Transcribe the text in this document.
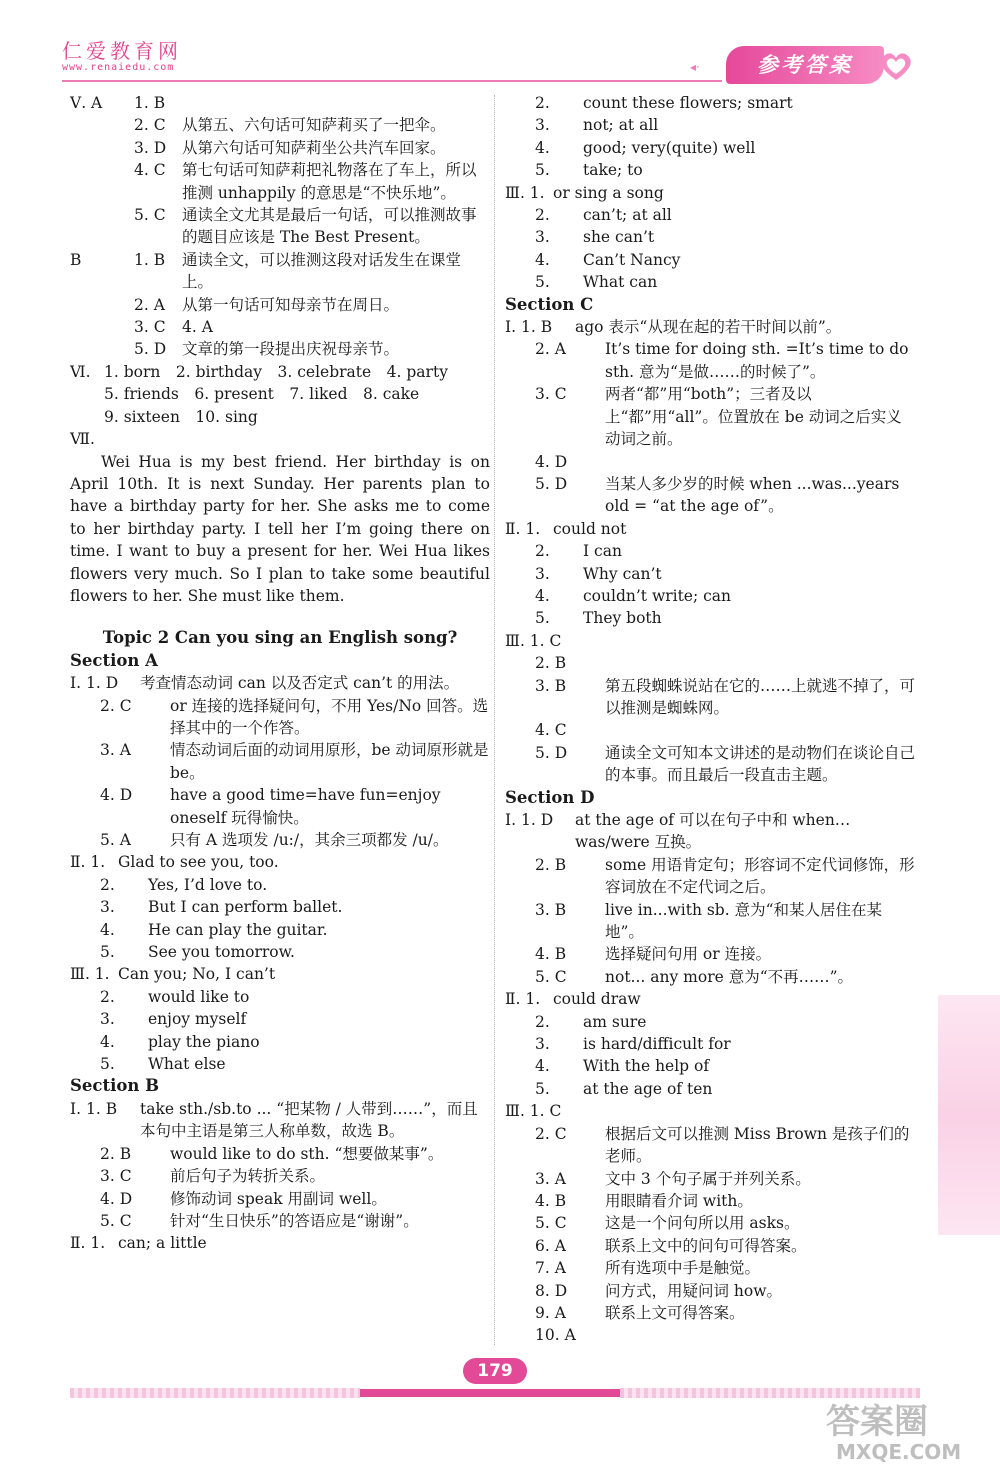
仁爱教育网
www.renaiedu.com	◂·	参考答案
Ⅴ. A	1. B
2. C	从第五、六句话可知萨莉买了一把伞。
3. D	从第六句话可知萨莉坐公共汽车回家。
4. C	第七句话可知萨莉把礼物落在了车上，所以推测 unhappily 的意思是“不快乐地”。
5. C	通读全文尤其是最后一句话，可以推测故事的题目应该是 The Best Present。
B	1. B	通读全文，可以推测这段对话发生在课堂上。
2. A	从第一句话可知母亲节在周日。
3. C	4. A
5. D	文章的第一段提出庆祝母亲节。
Ⅵ. 1. born　2. birthday　3. celebrate　4. party
5. friends　6. present　7. liked　8. cake
9. sixteen　10. sing
Ⅶ.
Wei Hua is my best friend. Her birthday is on April 10th. It is next Sunday. Her parents plan to have a birthday party for her. She asks me to come to her birthday party. I tell her I’m going there on time. I want to buy a present for her. Wei Hua likes flowers very much. So I plan to take some beautiful flowers to her. She must like them.
Topic 2 Can you sing an English song?
Section A
Ⅰ. 1. D	考查情态动词 can 以及否定式 can’t 的用法。
2. C	or 连接的选择疑问句，不用 Yes/No 回答。选择其中的一个作答。
3. A	情态动词后面的动词用原形，be 动词原形就是 be。
4. D	have a good time=have fun=enjoy oneself 玩得愉快。
5. A	只有 A 选项发 /u:/，其余三项都发 /u/。
Ⅱ. 1. Glad to see you, too.
2.	Yes, I’d love to.
3.	But I can perform ballet.
4.	He can play the guitar.
5.	See you tomorrow.
Ⅲ. 1. Can you; No, I can’t
2.	would like to
3.	enjoy myself
4.	play the piano
5.	What else
Section B
Ⅰ. 1. B	take sth./sb.to ... “把某物 / 人带到……”，而且本句中主语是第三人称单数，故选 B。
2. B	would like to do sth. “想要做某事”。
3. C	前后句子为转折关系。
4. D	修饰动词 speak 用副词 well。
5. C	针对“生日快乐”的答语应是“谢谢”。
Ⅱ. 1. can; a little
2.	count these flowers; smart
3.	not; at all
4.	good; very(quite) well
5.	take; to
Ⅲ. 1. or sing a song
2.	can’t; at all
3.	she can’t
4.	Can’t Nancy
5.	What can
Section C
Ⅰ. 1. B	ago 表示“从现在起的若干时间以前”。
2. A	It’s time for doing sth. =It’s time to do sth. 意为“是做……的时候了”。
3. C	两者“都”用“both”；三者及以上“都”用“all”。位置放在 be 动词之后实义动词之前。
4. D
5. D	当某人多少岁的时候 when ...was...years old = “at the age of”。
Ⅱ. 1. could not
2.	I can
3.	Why can’t
4.	couldn’t write; can
5.	They both
Ⅲ. 1. C
2. B
3. B	第五段蜘蛛说站在它的……上就逃不掉了，可以推测是蜘蛛网。
4. C
5. D	通读全文可知本文讲述的是动物们在谈论自己的本事。而且最后一段直击主题。
Section D
Ⅰ. 1. D	at the age of 可以在句子中和 when…was/were 互换。
2. B	some 用语肯定句；形容词不定代词修饰，形容词放在不定代词之后。
3. B	live in...with sb. 意为“和某人居住在某地”。
4. B	选择疑问句用 or 连接。
5. C	not... any more 意为“不再……”。
Ⅱ. 1. could draw
2.	am sure
3.	is hard/difficult for
4.	With the help of
5.	at the age of ten
Ⅲ. 1. C
2. C	根据后文可以推测 Miss Brown 是孩子们的老师。
3. A	文中 3 个句子属于并列关系。
4. B	用眼睛看介词 with。
5. C	这是一个问句所以用 asks。
6. A	联系上文中的问句可得答案。
7. A	所有选项中手是触觉。
8. D	问方式，用疑问词 how。
9. A	联系上文可得答案。
10. A
179
答案圈
MXQE.COM
